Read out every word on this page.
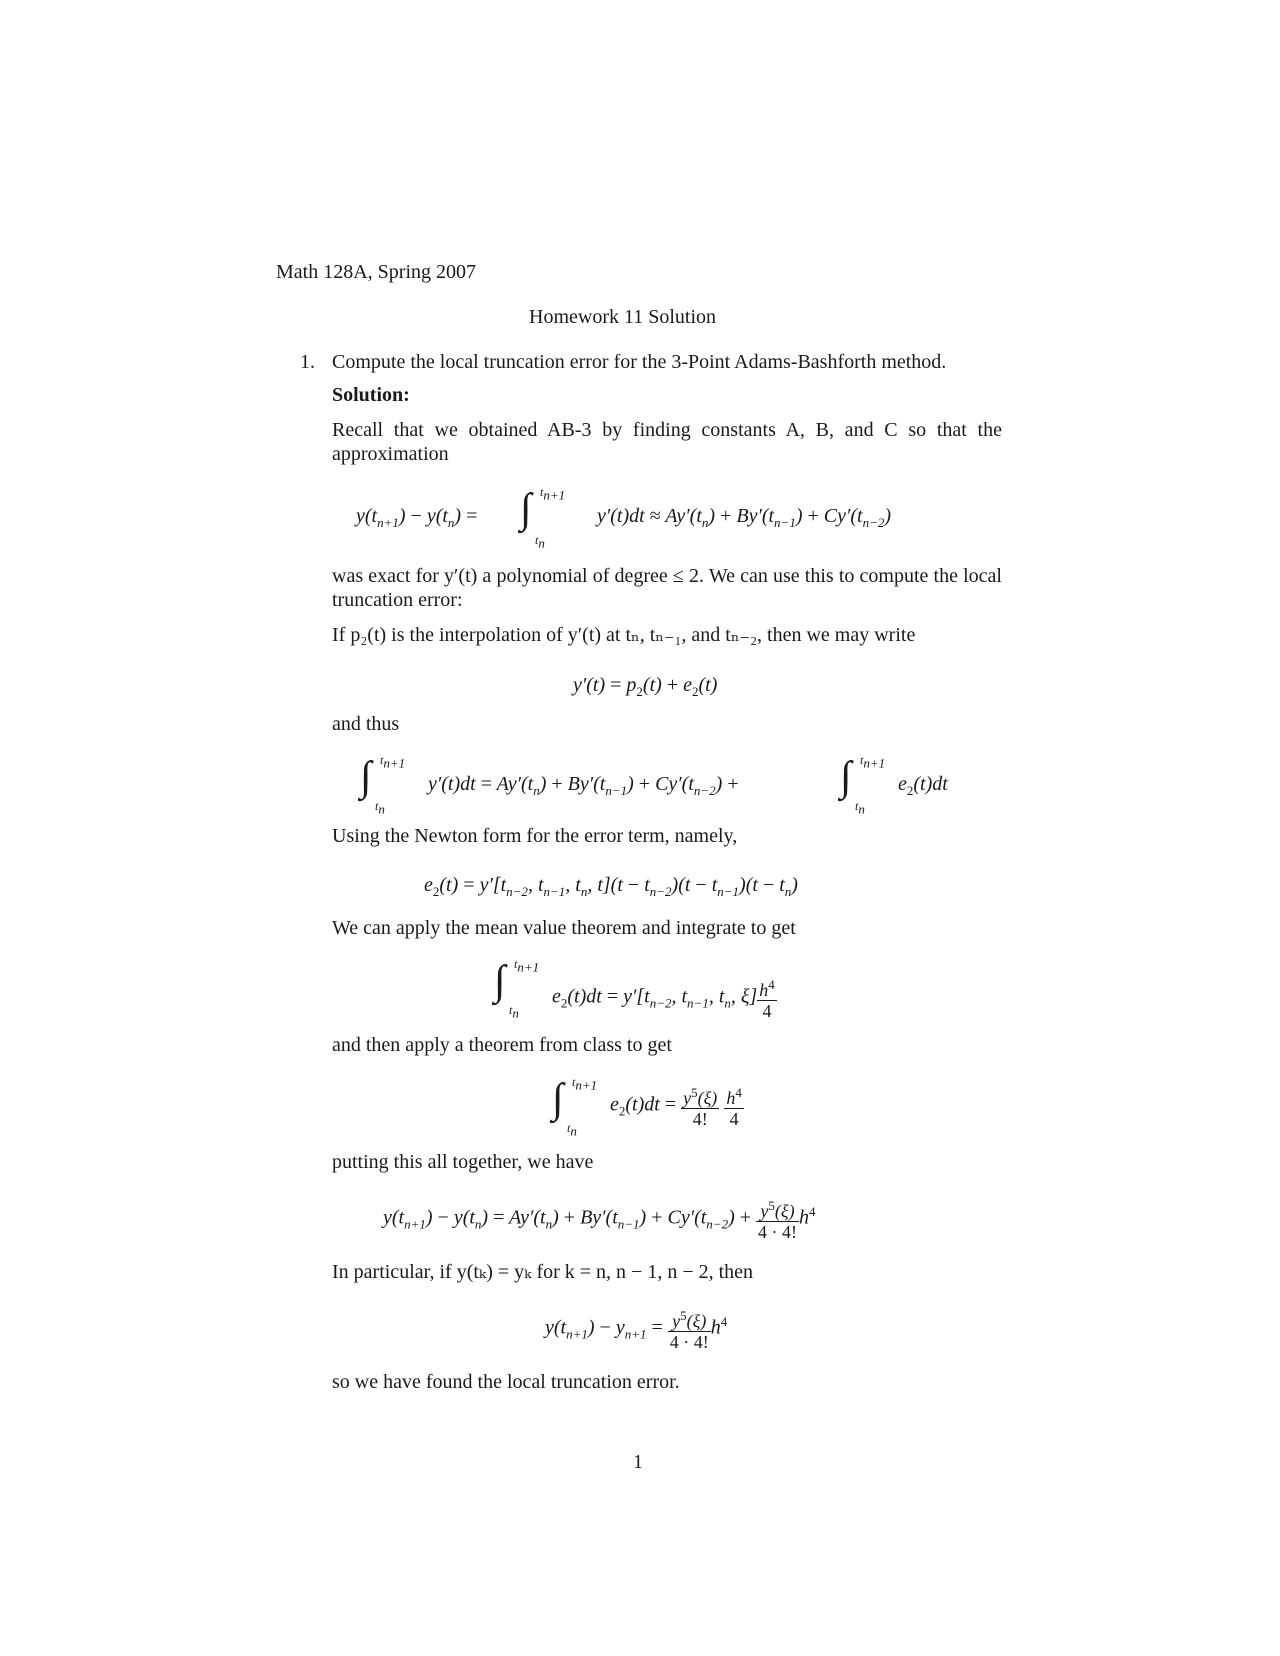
Math 128A, Spring 2007
Homework 11 Solution
1. Compute the local truncation error for the 3-Point Adams-Bashforth method.
Solution:
Recall that we obtained AB-3 by finding constants A, B, and C so that the approximation
$y(t_{n+1}) - y(t_n)$ = ∫ $t_{n+1}$
$t_n$
$y'(t)dt \approx Ay'(t_n) + By'(t_{n-1}) + Cy'(t_{n-2})$
was exact for y′(t) a polynomial of degree ≤ 2. We can use this to compute the local truncation error:
If p₂(t) is the interpolation of y′(t) at tₙ, tₙ₋₁, and tₙ₋₂, then we may write
$y'(t) = p_2(t) + e_2(t)$
and thus
∫ $t_{n+1}$
$t_n$
$y'(t)dt = Ay'(t_n) + By'(t_{n-1}) + Cy'(t_{n-2})$ + ∫ $t_{n+1}$
$t_n$
$e_2(t)dt$
Using the Newton form for the error term, namely,
$e_2(t) = y'[t_{n-2}$, $t_{n-1}$, $t_n$, $t](t - t_{n-2})(t - t_{n-1})(t - t_n)$
We can apply the mean value theorem and integrate to get
∫ $t_{n+1}$
$t_n$
$e_2(t)dt = y'[t_{n-2}$, $t_{n-1}$, $t_n$, $\xi] \frac{h^4}{4}$
and then apply a theorem from class to get
∫ $t_{n+1}$
$t_n$
$e_2(t)dt = \frac{y^5(\xi)}{4!}$
$\frac{h^4}{4}$
putting this all together, we have
$y(t_{n+1}) - y(t_n) = Ay'(t_n) + By'(t_{n-1}) + Cy'(t_{n-2}) + \frac{y^5(\xi)}{4 \cdot 4!} h^4$
In particular, if y(tₖ) = yₖ for k = n, n − 1, n − 2, then
$y(t_{n+1}) - y_{n+1} = \frac{y^5(\xi)}{4 \cdot 4!} h^4$
so we have found the local truncation error.
1
